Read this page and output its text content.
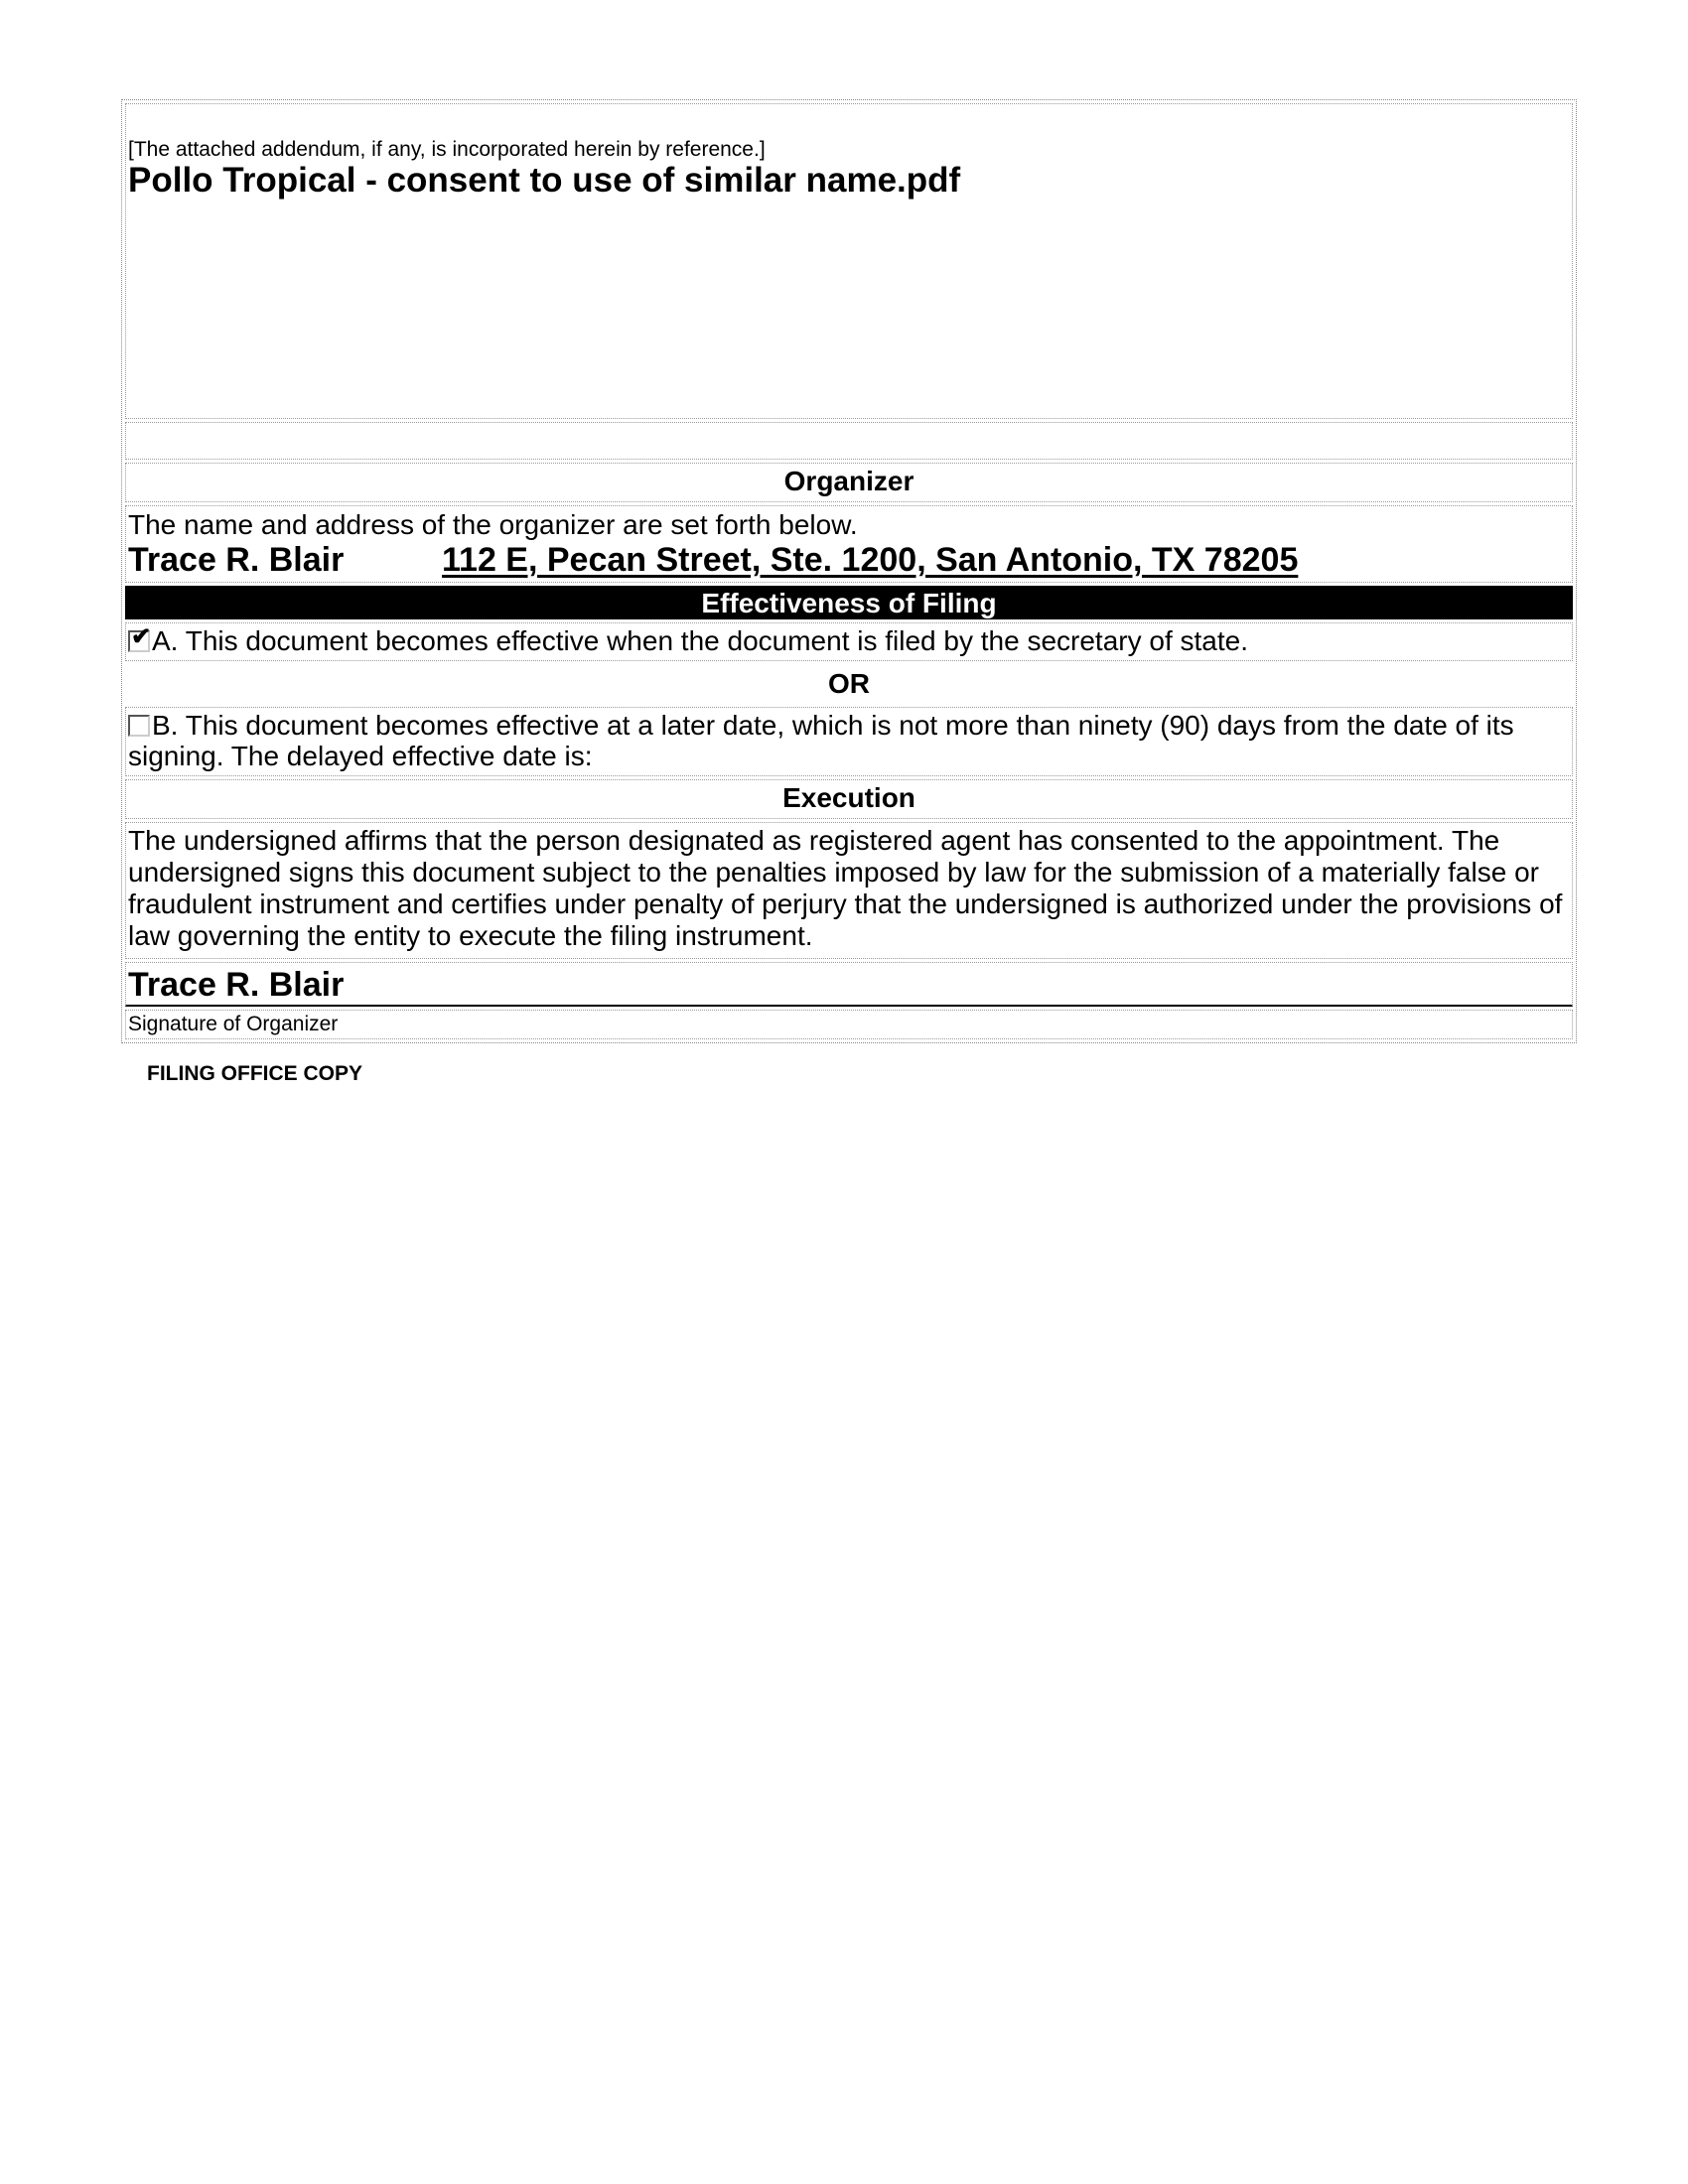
[The attached addendum, if any, is incorporated herein by reference.]
Pollo Tropical - consent to use of similar name.pdf
Organizer
The name and address of the organizer are set forth below.
Trace R. Blair	112 E, Pecan Street, Ste. 1200, San Antonio, TX 78205
Effectiveness of Filing
✔ A. This document becomes effective when the document is filed by the secretary of state.
OR
B. This document becomes effective at a later date, which is not more than ninety (90) days from the date of its signing. The delayed effective date is:
Execution
The undersigned affirms that the person designated as registered agent has consented to the appointment. The undersigned signs this document subject to the penalties imposed by law for the submission of a materially false or fraudulent instrument and certifies under penalty of perjury that the undersigned is authorized under the provisions of law governing the entity to execute the filing instrument.
Trace R. Blair
Signature of Organizer
FILING OFFICE COPY
